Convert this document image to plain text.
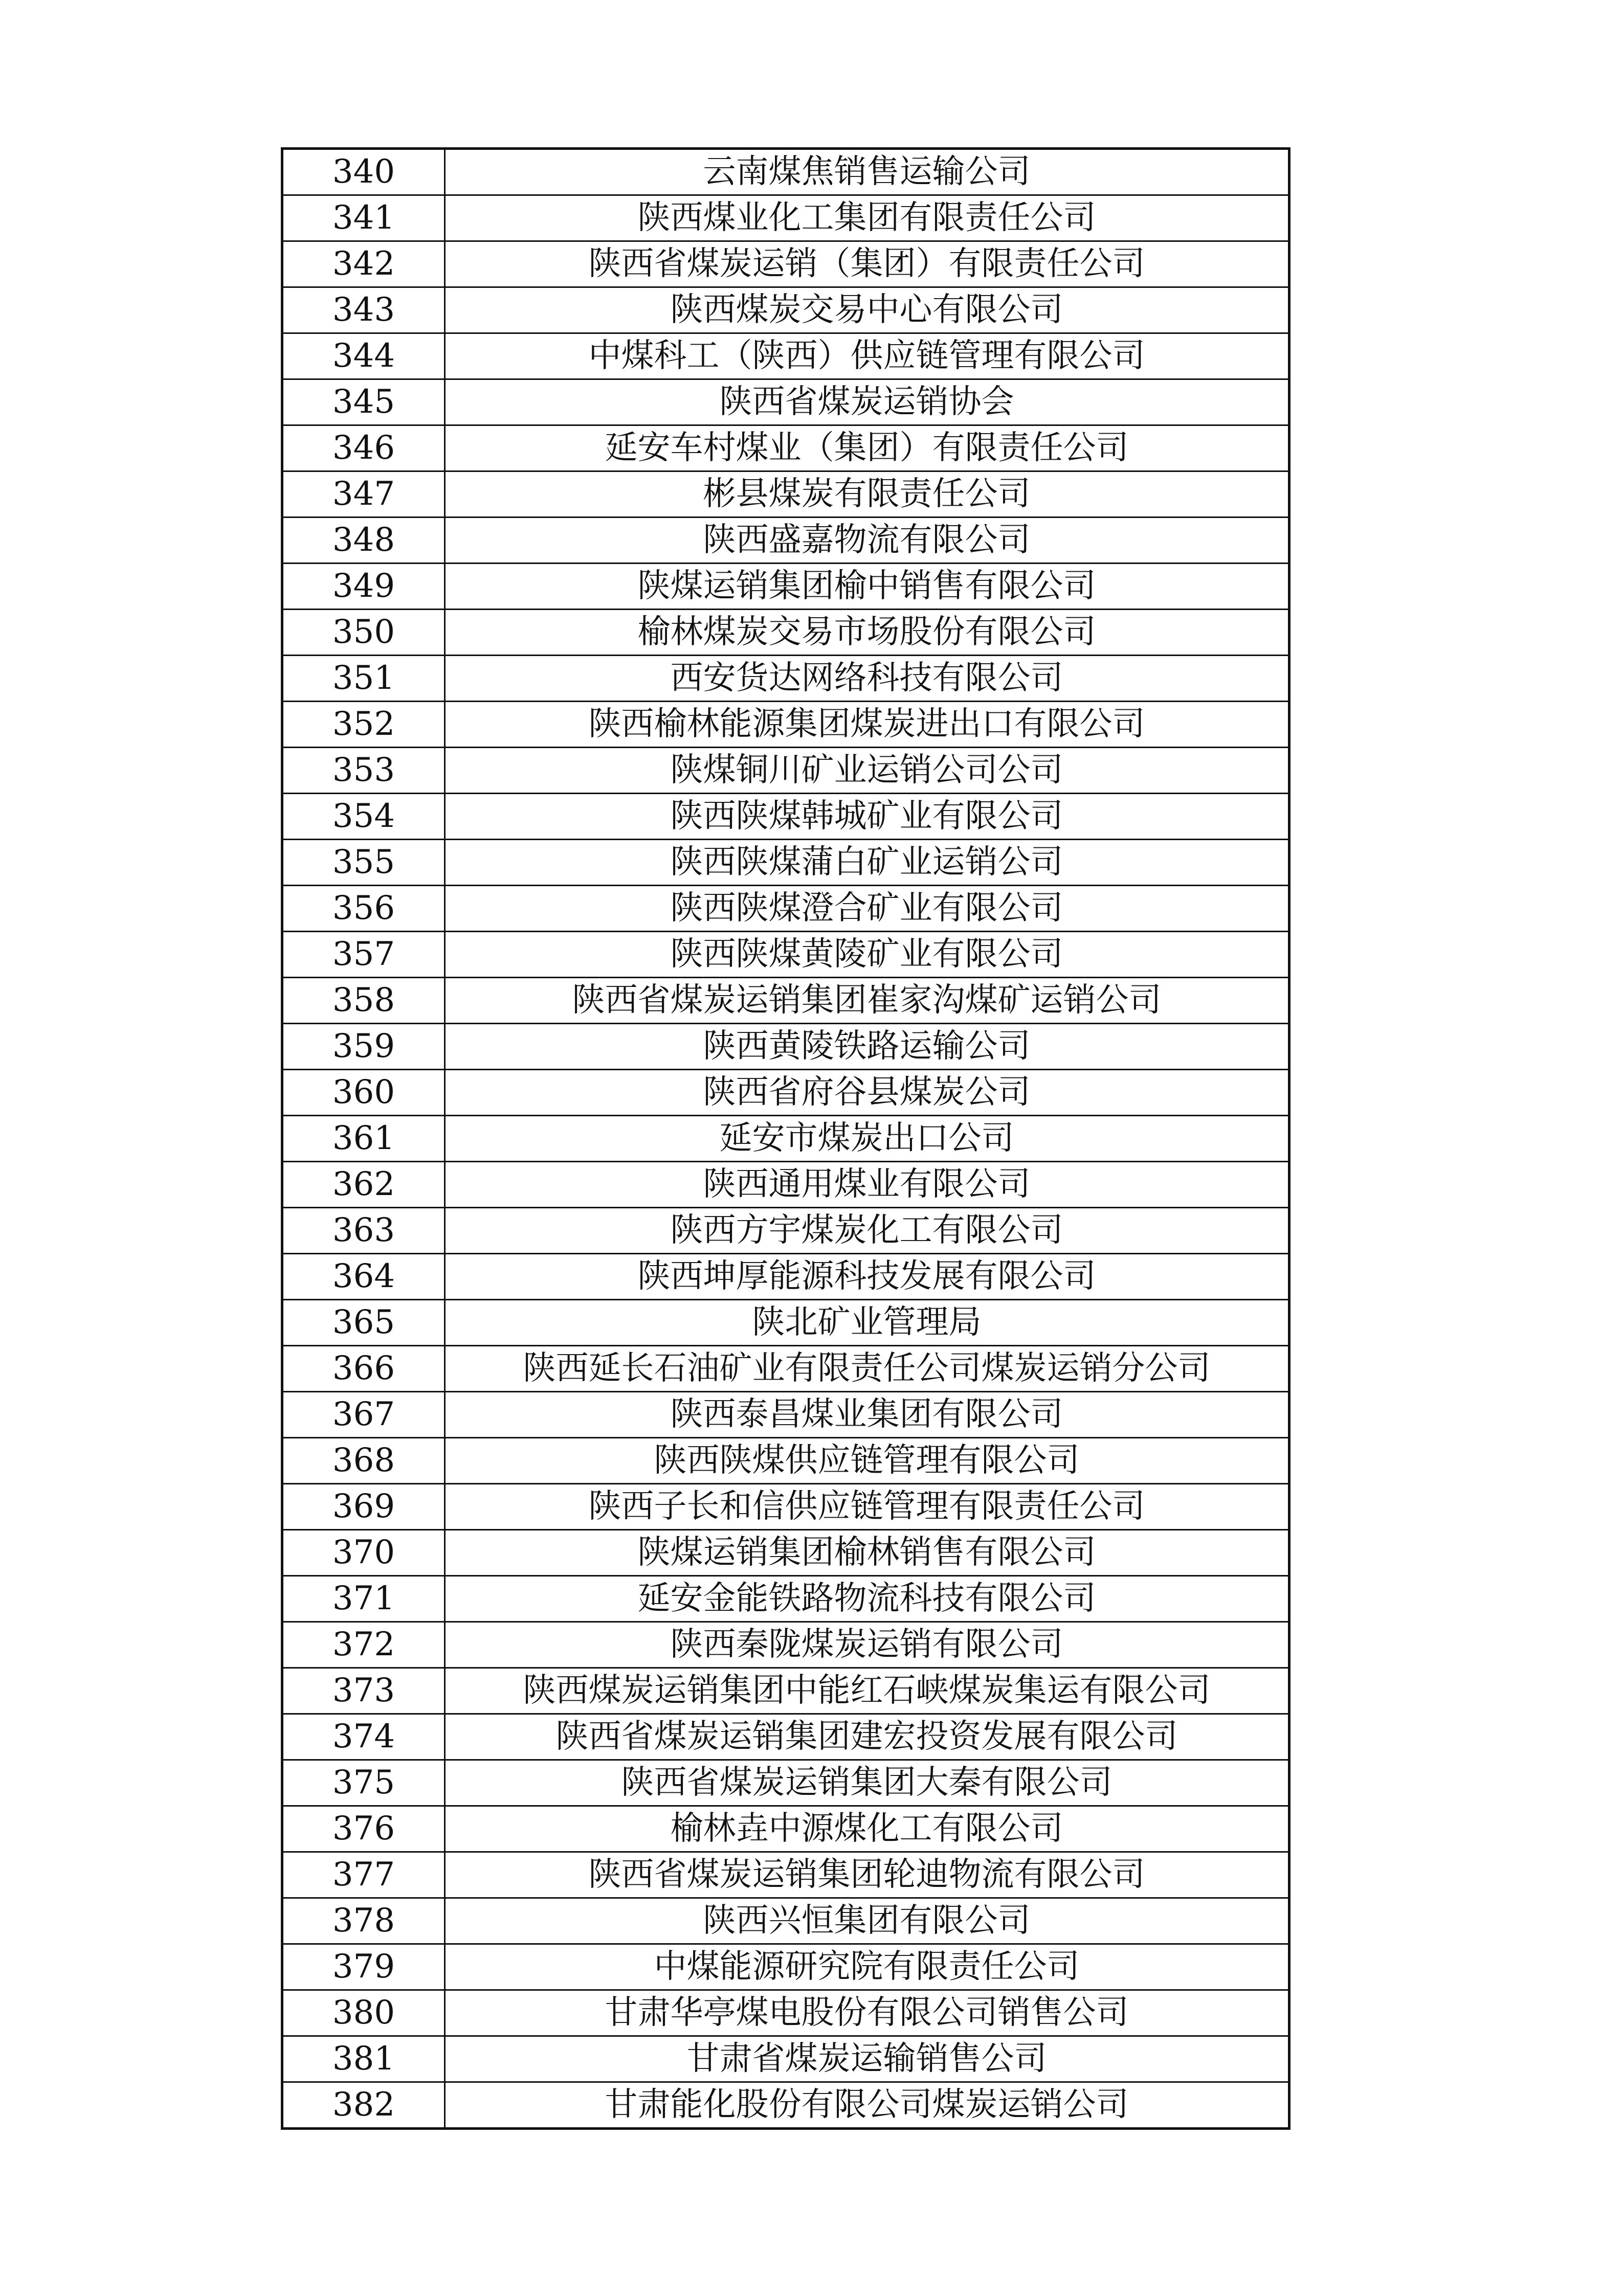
340	云南煤焦销售运输公司
341	陕西煤业化工集团有限责任公司
342	陕西省煤炭运销（集团）有限责任公司
343	陕西煤炭交易中心有限公司
344	中煤科工（陕西）供应链管理有限公司
345	陕西省煤炭运销协会
346	延安车村煤业（集团）有限责任公司
347	彬县煤炭有限责任公司
348	陕西盛嘉物流有限公司
349	陕煤运销集团榆中销售有限公司
350	榆林煤炭交易市场股份有限公司
351	西安货达网络科技有限公司
352	陕西榆林能源集团煤炭进出口有限公司
353	陕煤铜川矿业运销公司公司
354	陕西陕煤韩城矿业有限公司
355	陕西陕煤蒲白矿业运销公司
356	陕西陕煤澄合矿业有限公司
357	陕西陕煤黄陵矿业有限公司
358	陕西省煤炭运销集团崔家沟煤矿运销公司
359	陕西黄陵铁路运输公司
360	陕西省府谷县煤炭公司
361	延安市煤炭出口公司
362	陕西通用煤业有限公司
363	陕西方宇煤炭化工有限公司
364	陕西坤厚能源科技发展有限公司
365	陕北矿业管理局
366	陕西延长石油矿业有限责任公司煤炭运销分公司
367	陕西泰昌煤业集团有限公司
368	陕西陕煤供应链管理有限公司
369	陕西子长和信供应链管理有限责任公司
370	陕煤运销集团榆林销售有限公司
371	延安金能铁路物流科技有限公司
372	陕西秦陇煤炭运销有限公司
373	陕西煤炭运销集团中能红石峡煤炭集运有限公司
374	陕西省煤炭运销集团建宏投资发展有限公司
375	陕西省煤炭运销集团大秦有限公司
376	榆林垚中源煤化工有限公司
377	陕西省煤炭运销集团轮迪物流有限公司
378	陕西兴恒集团有限公司
379	中煤能源研究院有限责任公司
380	甘肃华亭煤电股份有限公司销售公司
381	甘肃省煤炭运输销售公司
382	甘肃能化股份有限公司煤炭运销公司
